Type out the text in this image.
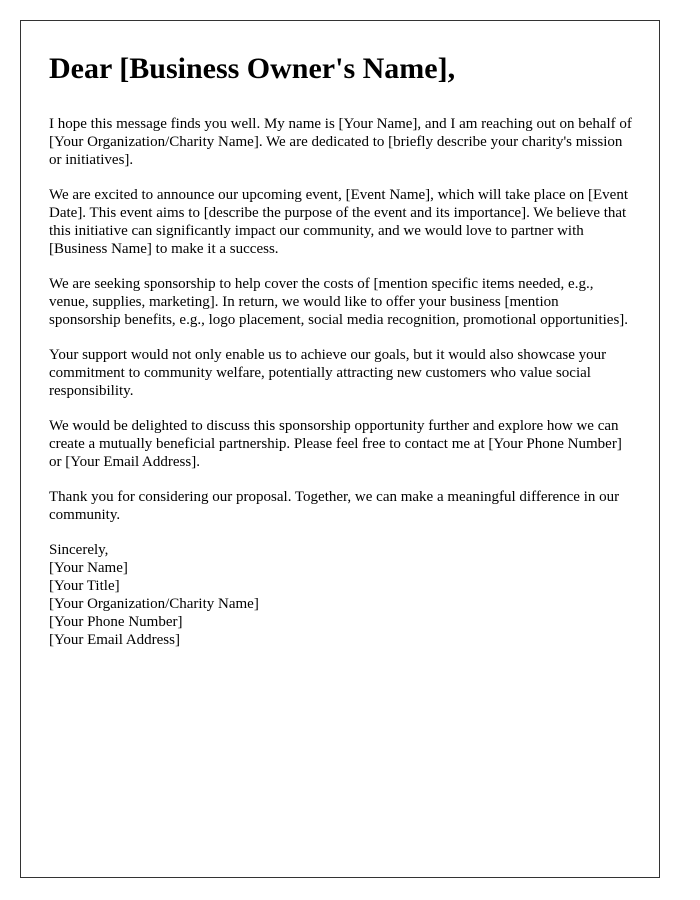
Dear [Business Owner's Name],

I hope this message finds you well. My name is [Your Name], and I am reaching out on behalf of [Your Organization/Charity Name]. We are dedicated to [briefly describe your charity's mission or initiatives].

We are excited to announce our upcoming event, [Event Name], which will take place on [Event Date]. This event aims to [describe the purpose of the event and its importance]. We believe that this initiative can significantly impact our community, and we would love to partner with [Business Name] to make it a success.

We are seeking sponsorship to help cover the costs of [mention specific items needed, e.g., venue, supplies, marketing]. In return, we would like to offer your business [mention sponsorship benefits, e.g., logo placement, social media recognition, promotional opportunities].

Your support would not only enable us to achieve our goals, but it would also showcase your commitment to community welfare, potentially attracting new customers who value social responsibility.

We would be delighted to discuss this sponsorship opportunity further and explore how we can create a mutually beneficial partnership. Please feel free to contact me at [Your Phone Number] or [Your Email Address].

Thank you for considering our proposal. Together, we can make a meaningful difference in our community.

Sincerely,
[Your Name]
[Your Title]
[Your Organization/Charity Name]
[Your Phone Number]
[Your Email Address]
